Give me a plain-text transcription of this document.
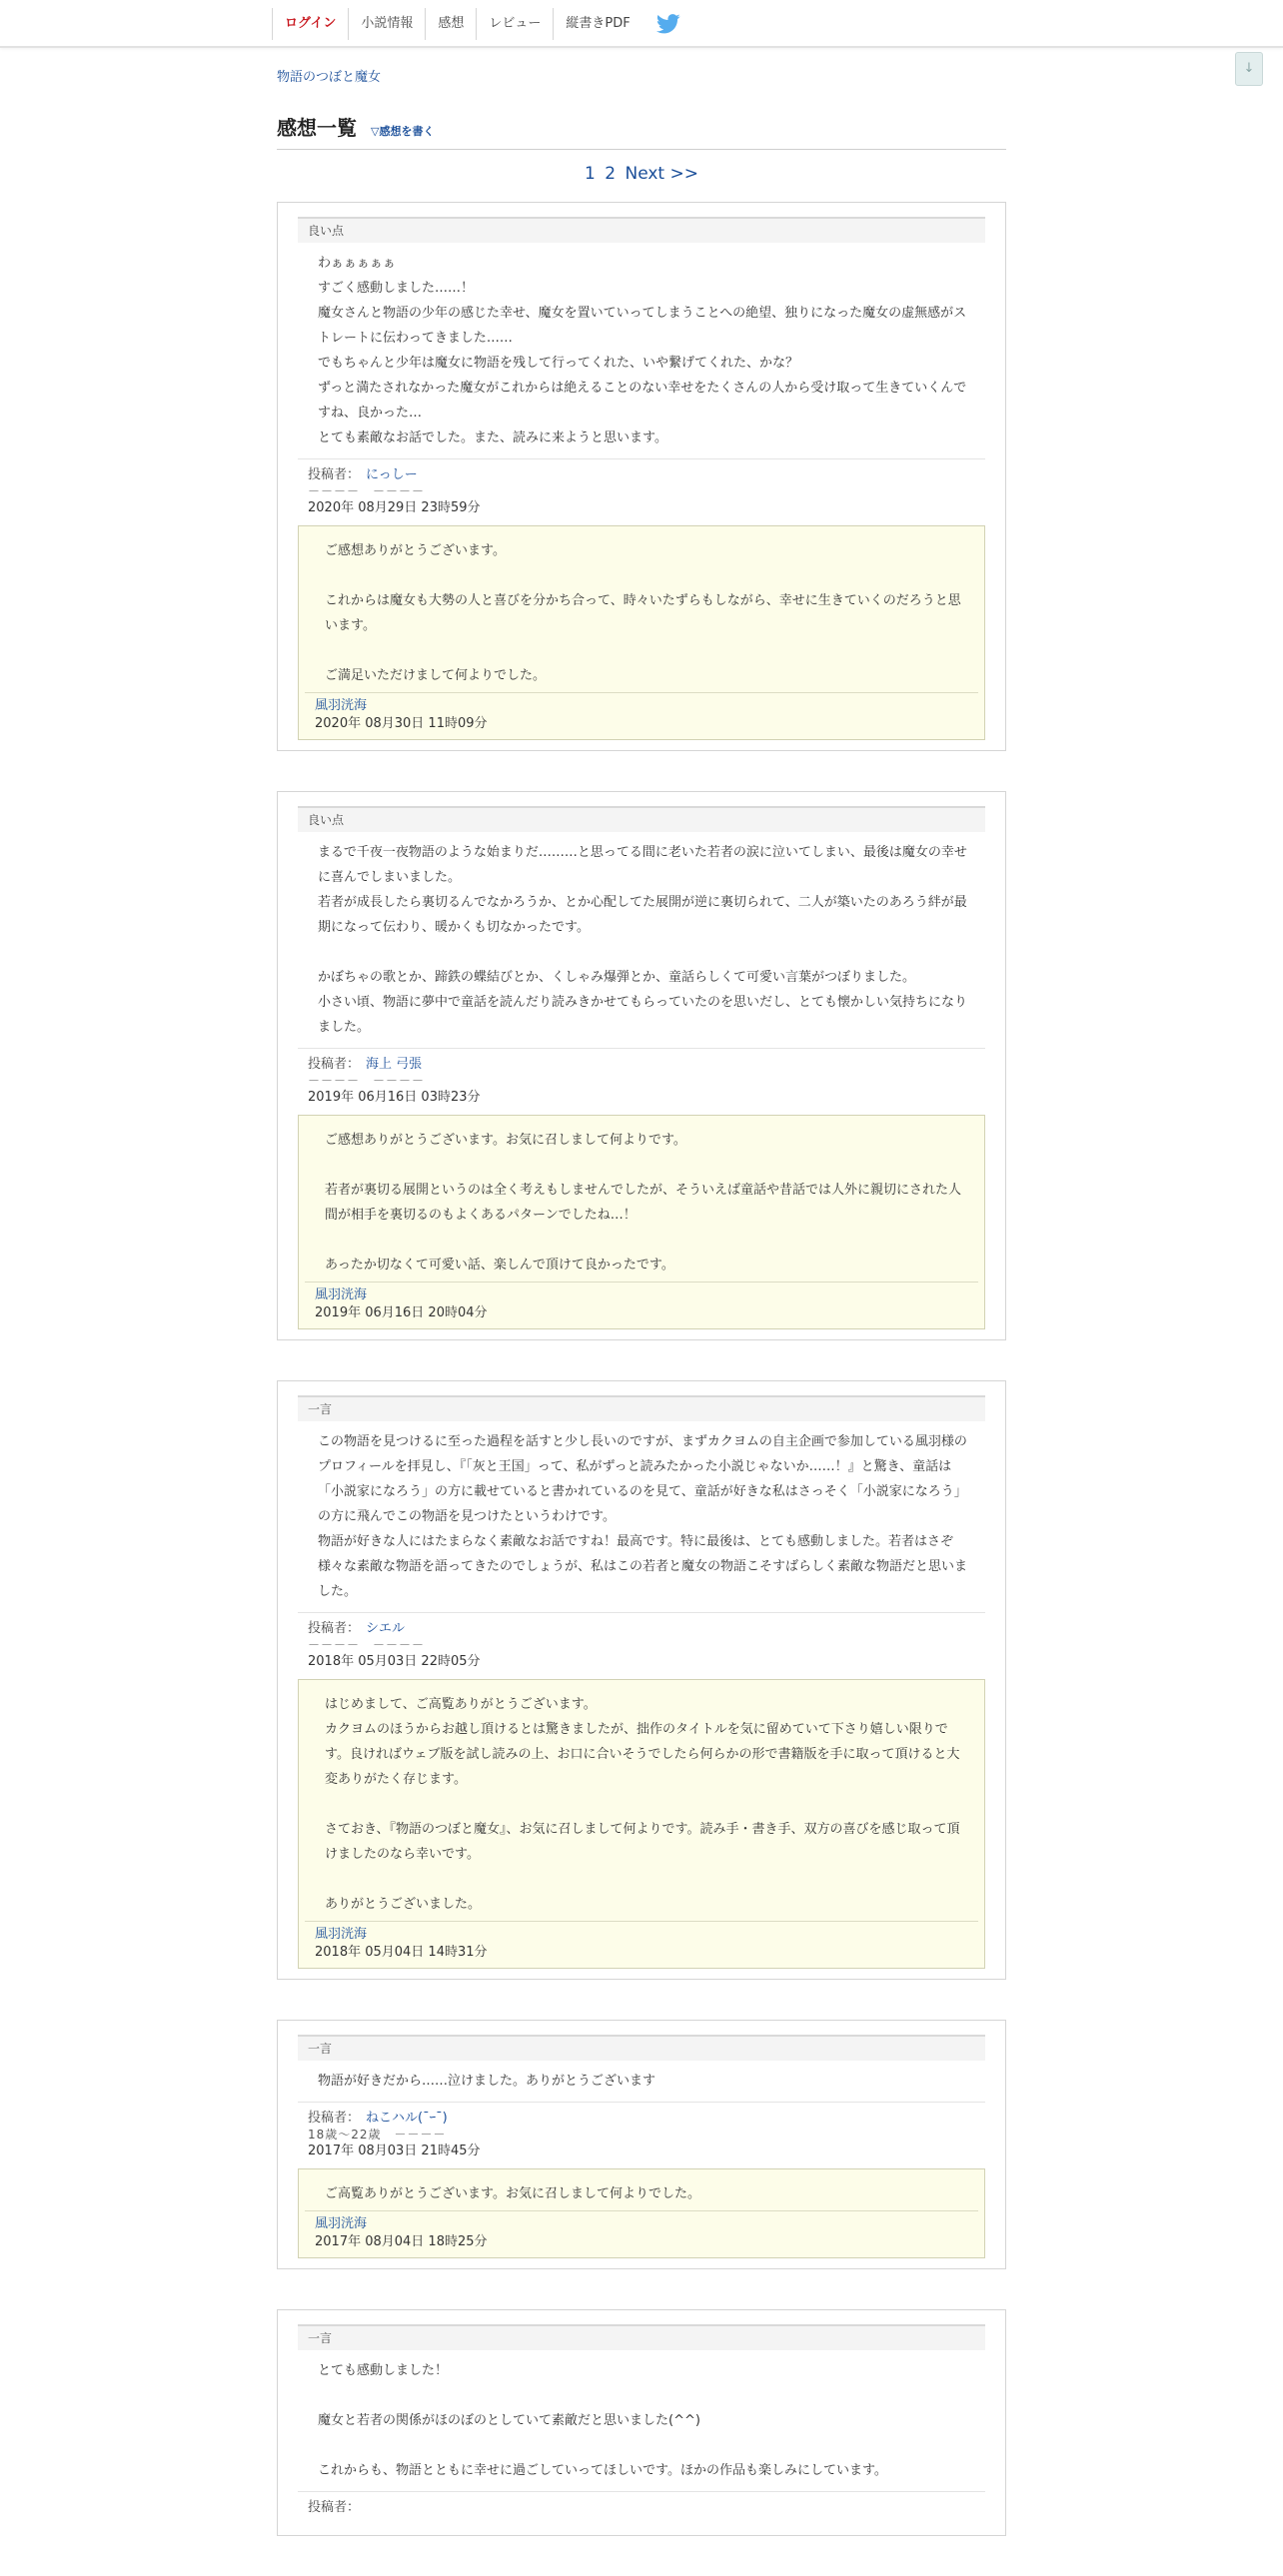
ログイン	小説情報	感想	レビュー	縦書きPDF
↓
物語のつぼと魔女
感想一覧 ▽感想を書く
1 2 Next >>
良い点
わぁぁぁぁぁ
すごく感動しました……！
魔女さんと物語の少年の感じた幸せ、魔女を置いていってしまうことへの絶望、独りになった魔女の虚無感がストレートに伝わってきました……
でもちゃんと少年は魔女に物語を残して行ってくれた、いや繋げてくれた、かな？
ずっと満たされなかった魔女がこれからは絶えることのない幸せをたくさんの人から受け取って生きていくんですね、良かった…
とても素敵なお話でした。また、読みに来ようと思います。
投稿者： にっしー
－－－－　－－－－
2020年 08月29日 23時59分
ご感想ありがとうございます。
これからは魔女も大勢の人と喜びを分かち合って、時々いたずらもしながら、幸せに生きていくのだろうと思います。
ご満足いただけまして何よりでした。
風羽洸海
2020年 08月30日 11時09分
良い点
まるで千夜一夜物語のような始まりだ………と思ってる間に老いた若者の涙に泣いてしまい、最後は魔女の幸せに喜んでしまいました。
若者が成長したら裏切るんでなかろうか、とか心配してた展開が逆に裏切られて、二人が築いたのあろう絆が最期になって伝わり、暖かくも切なかったです。
かぼちゃの歌とか、蹄鉄の蝶結びとか、くしゃみ爆弾とか、童話らしくて可愛い言葉がつぼりました。
小さい頃、物語に夢中で童話を読んだり読みきかせてもらっていたのを思いだし、とても懐かしい気持ちになりました。
投稿者： 海上 弓張
－－－－　－－－－
2019年 06月16日 03時23分
ご感想ありがとうございます。お気に召しまして何よりです。
若者が裏切る展開というのは全く考えもしませんでしたが、そういえば童話や昔話では人外に親切にされた人間が相手を裏切るのもよくあるパターンでしたね…！
あったか切なくて可愛い話、楽しんで頂けて良かったです。
風羽洸海
2019年 06月16日 20時04分
一言
この物語を見つけるに至った過程を話すと少し長いのですが、まずカクヨムの自主企画で参加している風羽様のプロフィールを拝見し、『「灰と王国」って、私がずっと読みたかった小説じゃないか……！』と驚き、童話は「小説家になろう」の方に載せていると書かれているのを見て、童話が好きな私はさっそく「小説家になろう」の方に飛んでこの物語を見つけたというわけです。
物語が好きな人にはたまらなく素敵なお話ですね！最高です。特に最後は、とても感動しました。若者はさぞ様々な素敵な物語を語ってきたのでしょうが、私はこの若者と魔女の物語こそすばらしく素敵な物語だと思いました。
投稿者： シエル
－－－－　－－－－
2018年 05月03日 22時05分
はじめまして、ご高覧ありがとうございます。
カクヨムのほうからお越し頂けるとは驚きましたが、拙作のタイトルを気に留めていて下さり嬉しい限りです。良ければウェブ版を試し読みの上、お口に合いそうでしたら何らかの形で書籍版を手に取って頂けると大変ありがたく存じます。
さておき、『物語のつぼと魔女』、お気に召しまして何よりです。読み手・書き手、双方の喜びを感じ取って頂けましたのなら幸いです。
ありがとうございました。
風羽洸海
2018年 05月04日 14時31分
一言
物語が好きだから……泣けました。ありがとうございます
投稿者： ねこハル(¯ｰ¯)
18歳～22歳　－－－－
2017年 08月03日 21時45分
ご高覧ありがとうございます。お気に召しまして何よりでした。
風羽洸海
2017年 08月04日 18時25分
一言
とても感動しました！
魔女と若者の関係がほのぼのとしていて素敵だと思いました(^^)
これからも、物語とともに幸せに過ごしていってほしいです。ほかの作品も楽しみにしています。
投稿者：
